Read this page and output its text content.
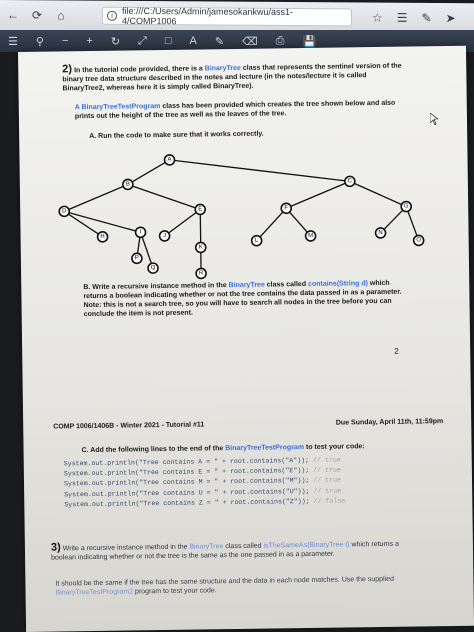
← ⟳ ⌂	i	file:///C:/Users/Admin/jamesokankwu/ass1-4/COMP1006	☆ ☰ ✎ ➤
☰ ⚲ − + ↻ ⤢ □ A ✎ ⌫ ⎙ 💾
2) In the tutorial code provided, there is a BinaryTree class that represents the sentinel version of the binary tree data structure described in the notes and lecture (in the notes/lecture it is called BinaryTree2, whereas here it is simply called BinaryTree).
A BinaryTreeTestProgram class has been provided which creates the tree shown below and also prints out the height of the tree as well as the leaves of the tree.
A. Run the code to make sure that it works correctly.
A
B
C
D	E	F	G
H
I
J
K
L
M	N
O
P
Q
R
B. Write a recursive instance method in the BinaryTree class called contains(String d) which returns a boolean indicating whether or not the tree contains the data passed in as a parameter. Note: this is not a search tree, so you will have to search all nodes in the tree before you can conclude the item is not present.
2
COMP 1006/1406B - Winter 2021 - Tutorial #11	Due Sunday, April 11th, 11:59pm
C. Add the following lines to the end of the BinaryTreeTestProgram to test your code:
System.out.println("Tree contains A = " + root.contains("A")); // true
System.out.println("Tree contains E = " + root.contains("E")); // true
System.out.println("Tree contains M = " + root.contains("M")); // true
System.out.println("Tree contains U = " + root.contains("U")); // true
System.out.println("Tree contains Z = " + root.contains("Z")); // false
3) Write a recursive instance method in the BinaryTree class called isTheSameAs(BinaryTree t) which returns a boolean indicating whether or not the tree is the same as the one passed in as a parameter.
It should be the same if the tree has the same structure and the data in each node matches. Use the supplied BinaryTreeTestProgram2 program to test your code.
